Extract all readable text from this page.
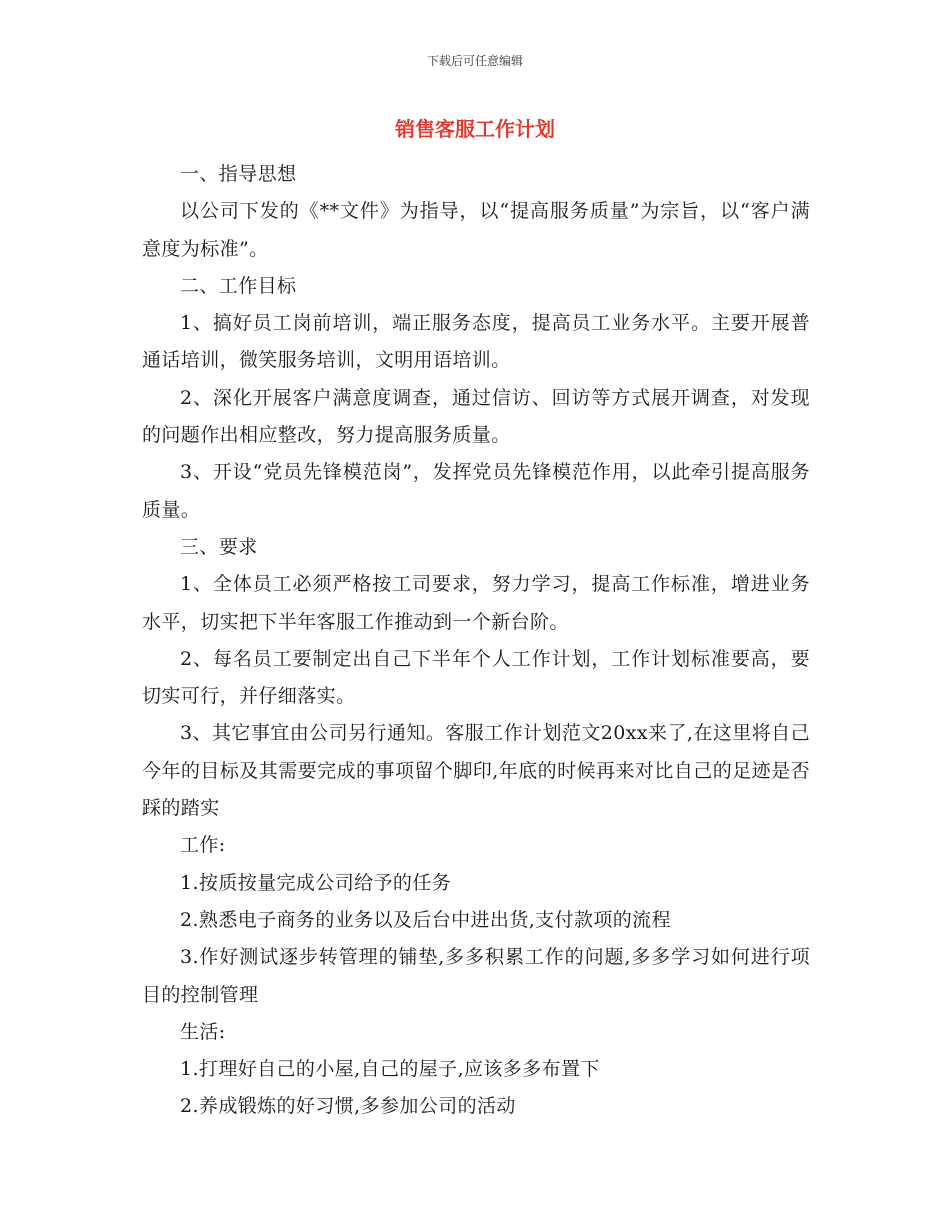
下载后可任意编辑
销售客服工作计划

一、指导思想

以公司下发的《**文件》为指导，以“提高服务质量”为宗旨，以“客户满意度为标准”。

二、工作目标

1、搞好员工岗前培训，端正服务态度，提高员工业务水平。主要开展普通话培训，微笑服务培训，文明用语培训。

2、深化开展客户满意度调查，通过信访、回访等方式展开调查，对发现的问题作出相应整改，努力提高服务质量。

3、开设“党员先锋模范岗”，发挥党员先锋模范作用，以此牵引提高服务质量。

三、要求

1、全体员工必须严格按工司要求，努力学习，提高工作标准，增进业务水平，切实把下半年客服工作推动到一个新台阶。

2、每名员工要制定出自己下半年个人工作计划，工作计划标准要高，要切实可行，并仔细落实。

3、其它事宜由公司另行通知。客服工作计划范文20xx来了,在这里将自己今年的目标及其需要完成的事项留个脚印,年底的时候再来对比自己的足迹是否踩的踏实

工作:

1.按质按量完成公司给予的任务

2.熟悉电子商务的业务以及后台中进出货,支付款项的流程

3.作好测试逐步转管理的铺垫,多多积累工作的问题,多多学习如何进行项目的控制管理

生活:

1.打理好自己的小屋,自己的屋子,应该多多布置下

2.养成锻炼的好习惯,多参加公司的活动
